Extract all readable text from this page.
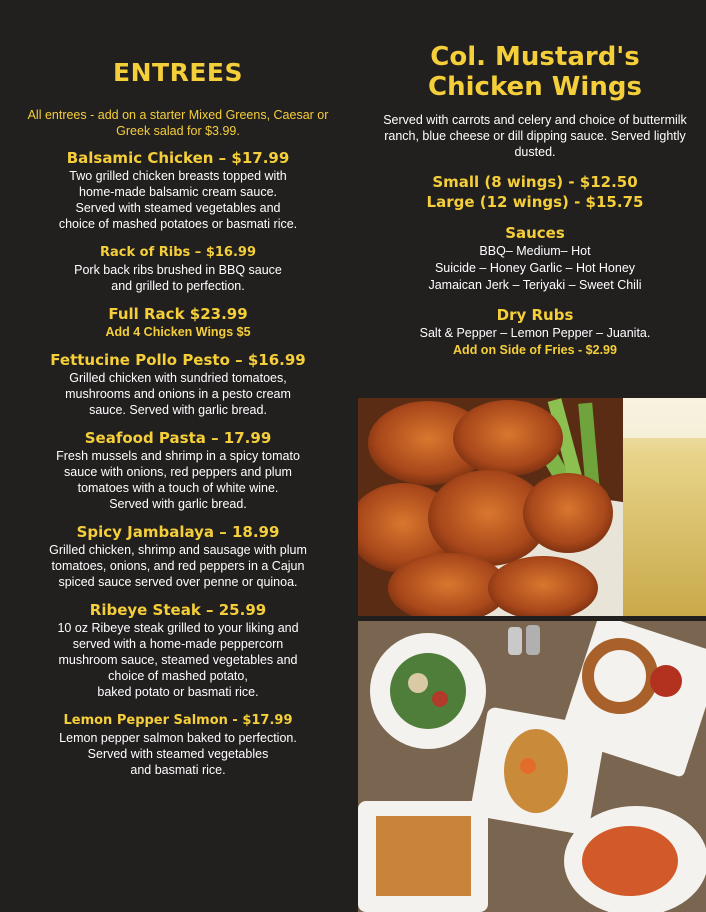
ENTREES
All entrees - add on a starter Mixed Greens, Caesar or Greek salad for $3.99.
Balsamic Chicken – $17.99
Two grilled chicken breasts topped with
home-made balsamic cream sauce.
Served with steamed vegetables and
choice of mashed potatoes or basmati rice.
Rack of Ribs – $16.99
Pork back ribs brushed in BBQ sauce
and grilled to perfection.
Full Rack $23.99
Add 4 Chicken Wings $5
Fettucine Pollo Pesto – $16.99
Grilled chicken with sundried tomatoes,
mushrooms and onions in a pesto cream
sauce. Served with garlic bread.
Seafood Pasta – 17.99
Fresh mussels and shrimp in a spicy tomato
sauce with onions, red peppers and plum
tomatoes with a touch of white wine.
Served with garlic bread.
Spicy Jambalaya – 18.99
Grilled chicken, shrimp and sausage with plum
tomatoes, onions, and red peppers in a Cajun
spiced sauce served over penne or quinoa.
Ribeye Steak – 25.99
10 oz Ribeye steak grilled to your liking and
served with a home-made peppercorn
mushroom sauce, steamed vegetables and
choice of mashed potato,
baked potato or basmati rice.
Lemon Pepper Salmon - $17.99
Lemon pepper salmon baked to perfection.
Served with steamed vegetables
and basmati rice.
Col. Mustard's
Chicken Wings
Served with carrots and celery and choice of buttermilk ranch, blue cheese or dill dipping sauce. Served lightly dusted.
Small (8 wings) - $12.50
Large (12 wings) - $15.75
Sauces
BBQ– Medium– Hot
Suicide – Honey Garlic – Hot Honey
Jamaican Jerk – Teriyaki – Sweet Chili
Dry Rubs
Salt & Pepper – Lemon Pepper – Juanita.
Add on Side of Fries - $2.99
